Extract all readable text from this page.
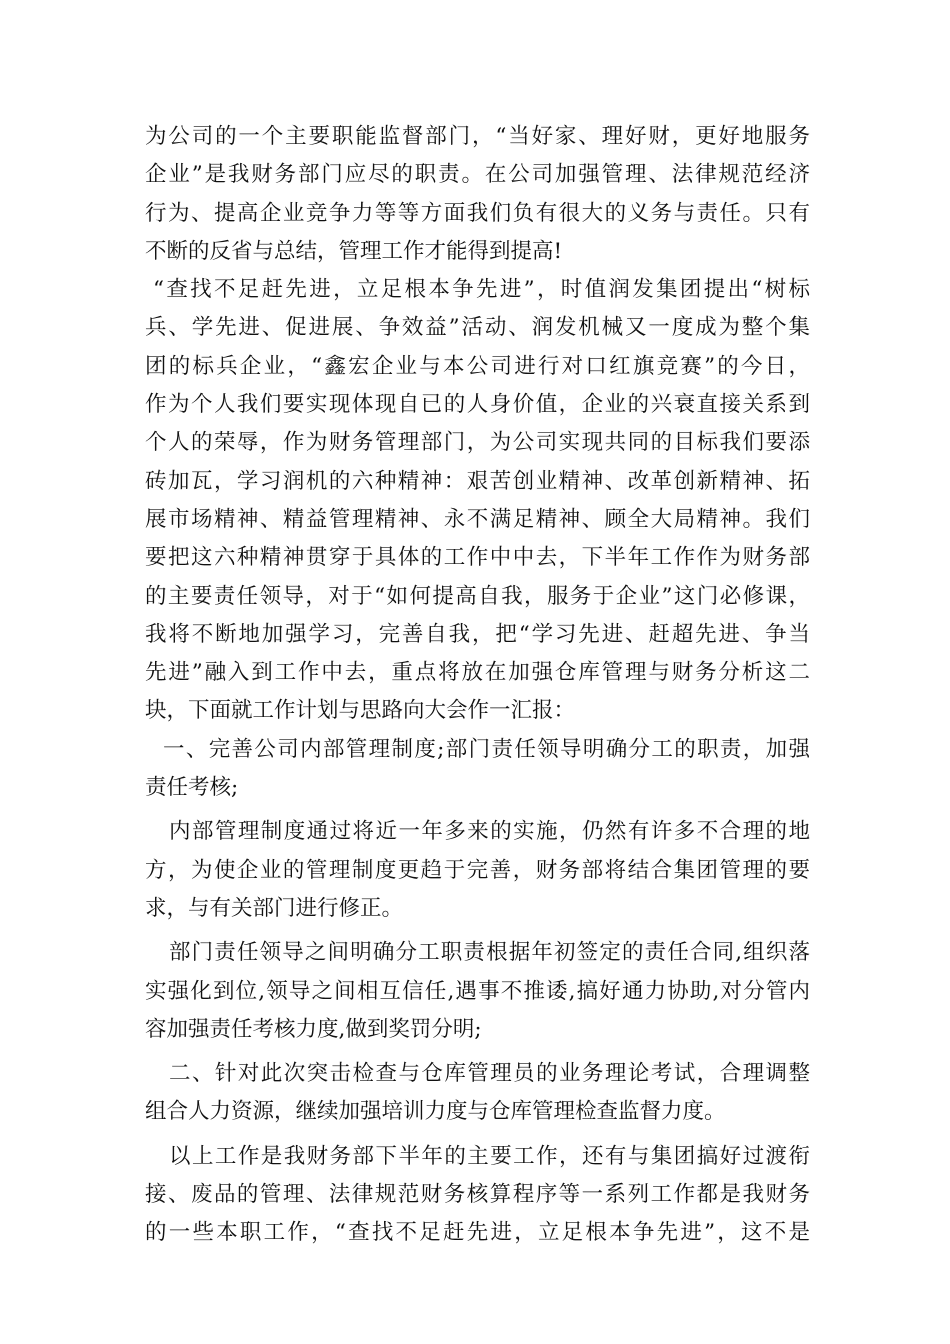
为公司的一个主要职能监督部门，“当好家、理好财，更好地服务
企业”是我财务部门应尽的职责。在公司加强管理、法律规范经济
行为、提高企业竞争力等等方面我们负有很大的义务与责任。只有
不断的反省与总结，管理工作才能得到提高!
“查找不足赶先进，立足根本争先进”，时值润发集团提出“树标
兵、学先进、促进展、争效益”活动、润发机械又一度成为整个集
团的标兵企业，“鑫宏企业与本公司进行对口红旗竞赛”的今日，
作为个人我们要实现体现自已的人身价值，企业的兴衰直接关系到
个人的荣辱，作为财务管理部门，为公司实现共同的目标我们要添
砖加瓦，学习润机的六种精神：艰苦创业精神、改革创新精神、拓
展市场精神、精益管理精神、永不满足精神、顾全大局精神。我们
要把这六种精神贯穿于具体的工作中中去，下半年工作作为财务部
的主要责任领导，对于“如何提高自我，服务于企业”这门必修课，
我将不断地加强学习，完善自我，把“学习先进、赶超先进、争当
先进”融入到工作中去，重点将放在加强仓库管理与财务分析这二
块，下面就工作计划与思路向大会作一汇报：
一、完善公司内部管理制度;部门责任领导明确分工的职责，加强
责任考核;
内部管理制度通过将近一年多来的实施，仍然有许多不合理的地
方，为使企业的管理制度更趋于完善，财务部将结合集团管理的要
求，与有关部门进行修正。
部门责任领导之间明确分工职责根据年初签定的责任合同,组织落
实强化到位,领导之间相互信任,遇事不推诿,搞好通力协助,对分管内
容加强责任考核力度,做到奖罚分明;
二、针对此次突击检查与仓库管理员的业务理论考试，合理调整
组合人力资源，继续加强培训力度与仓库管理检查监督力度。
以上工作是我财务部下半年的主要工作，还有与集团搞好过渡衔
接、废品的管理、法律规范财务核算程序等一系列工作都是我财务
的一些本职工作，“查找不足赶先进，立足根本争先进”，这不是
